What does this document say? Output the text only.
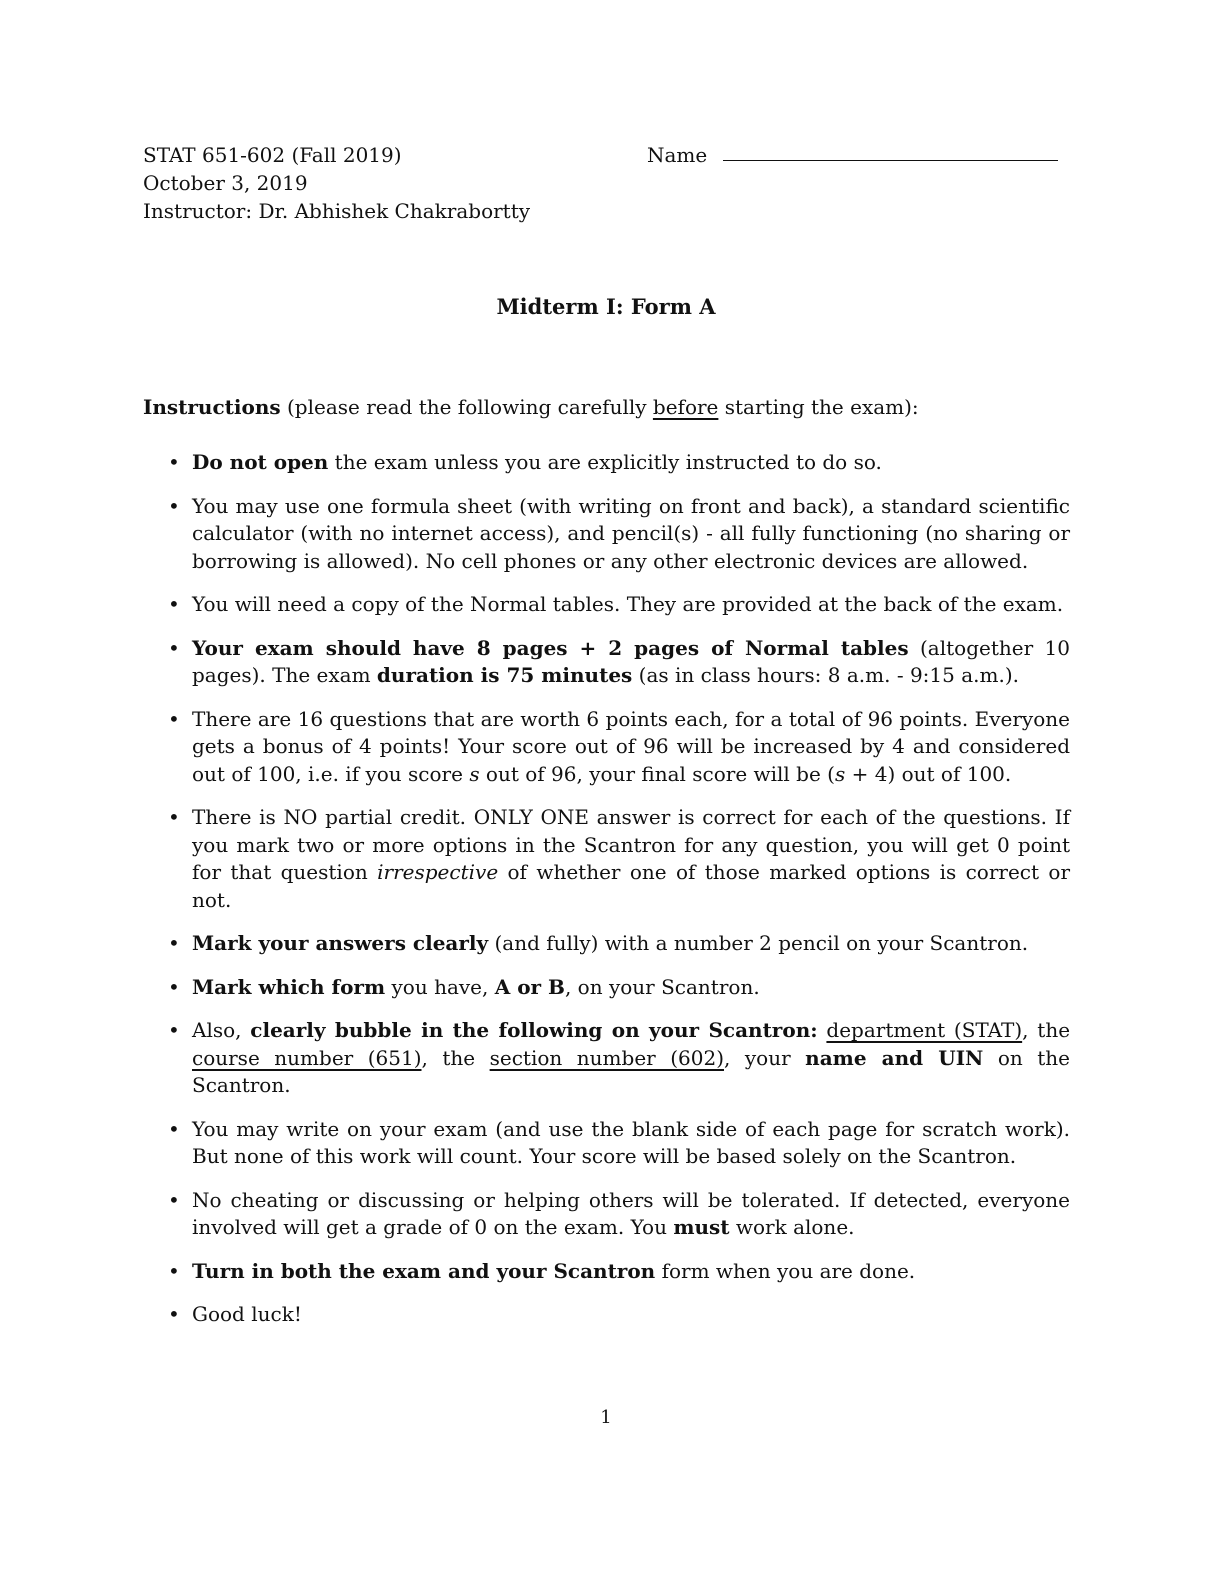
STAT 651-602 (Fall 2019)
October 3, 2019
Instructor: Dr. Abhishek Chakrabortty
Name
Midterm I: Form A
Instructions (please read the following carefully before starting the exam):
• Do not open the exam unless you are explicitly instructed to do so.
• You may use one formula sheet (with writing on front and back), a standard scientific calculator (with no internet access), and pencil(s) - all fully functioning (no sharing or borrowing is allowed). No cell phones or any other electronic devices are allowed.
• You will need a copy of the Normal tables. They are provided at the back of the exam.
• Your exam should have 8 pages + 2 pages of Normal tables (altogether 10 pages). The exam duration is 75 minutes (as in class hours: 8 a.m. - 9:15 a.m.).
• There are 16 questions that are worth 6 points each, for a total of 96 points. Everyone gets a bonus of 4 points! Your score out of 96 will be increased by 4 and considered out of 100, i.e. if you score s out of 96, your final score will be (s + 4) out of 100.
• There is NO partial credit. ONLY ONE answer is correct for each of the questions. If you mark two or more options in the Scantron for any question, you will get 0 point for that question irrespective of whether one of those marked options is correct or not.
• Mark your answers clearly (and fully) with a number 2 pencil on your Scantron.
• Mark which form you have, A or B, on your Scantron.
• Also, clearly bubble in the following on your Scantron: department (STAT), the course number (651), the section number (602), your name and UIN on the Scantron.
• You may write on your exam (and use the blank side of each page for scratch work). But none of this work will count. Your score will be based solely on the Scantron.
• No cheating or discussing or helping others will be tolerated. If detected, everyone involved will get a grade of 0 on the exam. You must work alone.
• Turn in both the exam and your Scantron form when you are done.
• Good luck!
1
